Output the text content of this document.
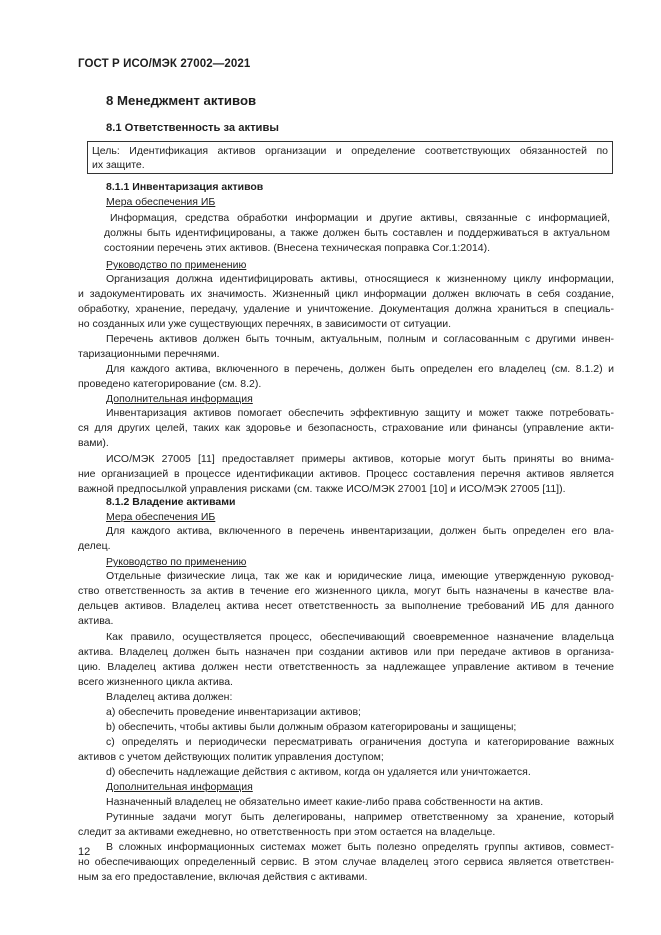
ГОСТ Р ИСО/МЭК 27002—2021
8 Менеджмент активов
8.1 Ответственность за активы
Цель: Идентификация активов организации и определение соответствующих обязанностей по
их защите.
8.1.1 Инвентаризация активов
Мера обеспечения ИБ
Информация, средства обработки информации и другие активы, связанные с информацией,
должны быть идентифицированы, а также должен быть составлен и поддерживаться в актуальном
состоянии перечень этих активов. (Внесена техническая поправка Cor.1:2014).
Руководство по применению
Организация должна идентифицировать активы, относящиеся к жизненному циклу информации,
и задокументировать их значимость. Жизненный цикл информации должен включать в себя создание,
обработку, хранение, передачу, удаление и уничтожение. Документация должна храниться в специаль-
но созданных или уже существующих перечнях, в зависимости от ситуации.
Перечень активов должен быть точным, актуальным, полным и согласованным с другими инвен-
таризационными перечнями.
Для каждого актива, включенного в перечень, должен быть определен его владелец (см. 8.1.2) и
проведено категорирование (см. 8.2).
Дополнительная информация
Инвентаризация активов помогает обеспечить эффективную защиту и может также потребовать-
ся для других целей, таких как здоровье и безопасность, страхование или финансы (управление акти-
вами).
ИСО/МЭК 27005 [11] предоставляет примеры активов, которые могут быть приняты во внима-
ние организацией в процессе идентификации активов. Процесс составления перечня активов является
важной предпосылкой управления рисками (см. также ИСО/МЭК 27001 [10] и ИСО/МЭК 27005 [11]).
8.1.2 Владение активами
Мера обеспечения ИБ
Для каждого актива, включенного в перечень инвентаризации, должен быть определен его вла-
делец.
Руководство по применению
Отдельные физические лица, так же как и юридические лица, имеющие утвержденную руковод-
ство ответственность за актив в течение его жизненного цикла, могут быть назначены в качестве вла-
дельцев активов. Владелец актива несет ответственность за выполнение требований ИБ для данного
актива.
Как правило, осуществляется процесс, обеспечивающий своевременное назначение владельца
актива. Владелец должен быть назначен при создании активов или при передаче активов в организа-
цию. Владелец актива должен нести ответственность за надлежащее управление активом в течение
всего жизненного цикла актива.
Владелец актива должен:
a) обеспечить проведение инвентаризации активов;
b) обеспечить, чтобы активы были должным образом категорированы и защищены;
c) определять и периодически пересматривать ограничения доступа и категорирование важных
активов с учетом действующих политик управления доступом;
d) обеспечить надлежащие действия с активом, когда он удаляется или уничтожается.
Дополнительная информация
Назначенный владелец не обязательно имеет какие-либо права собственности на актив.
Рутинные задачи могут быть делегированы, например ответственному за хранение, который
следит за активами ежедневно, но ответственность при этом остается на владельце.
В сложных информационных системах может быть полезно определять группы активов, совмест-
но обеспечивающих определенный сервис. В этом случае владелец этого сервиса является ответствен-
ным за его предоставление, включая действия с активами.
12
